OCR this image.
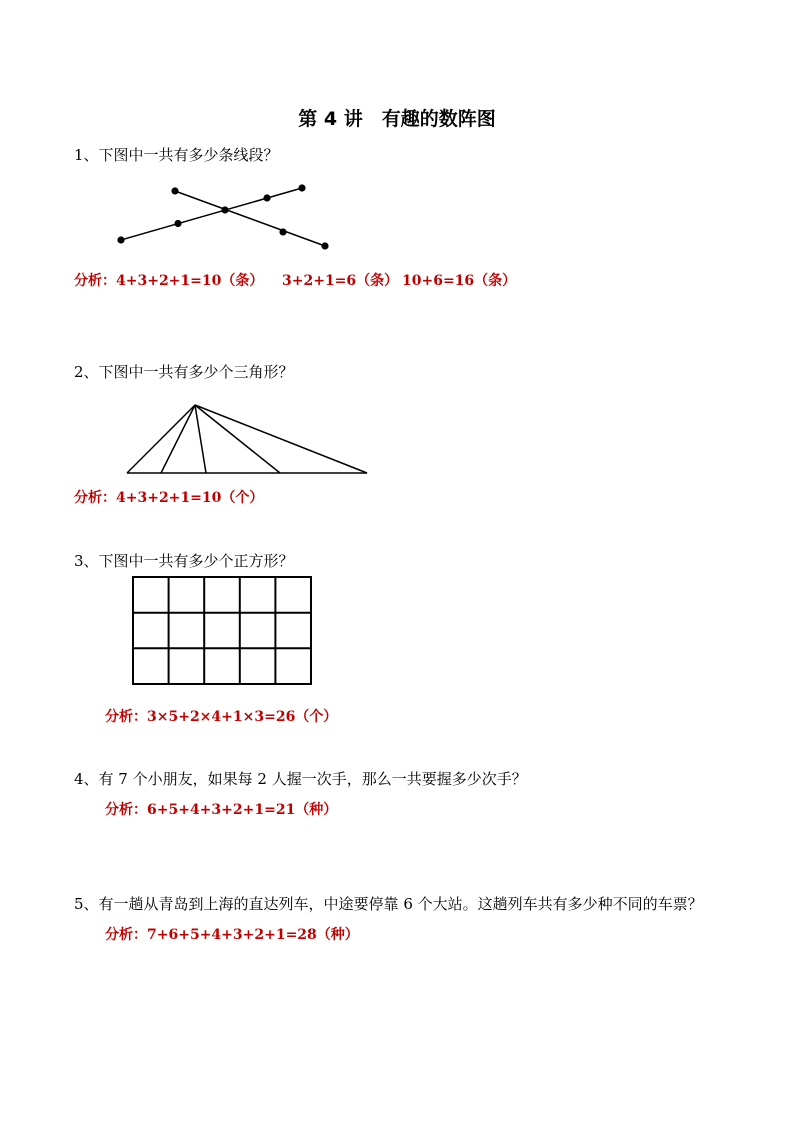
第 4 讲　有趣的数阵图
1、下图中一共有多少条线段？
分析：4+3+2+1=10（条） 3+2+1=6（条） 10+6=16（条）
2、下图中一共有多少个三角形？
分析：4+3+2+1=10（个）
3、下图中一共有多少个正方形？
分析：3×5+2×4+1×3=26（个）
4、有 7 个小朋友，如果每 2 人握一次手，那么一共要握多少次手？
分析：6+5+4+3+2+1=21（种）
5、有一趟从青岛到上海的直达列车，中途要停靠 6 个大站。这趟列车共有多少种不同的车票？
分析：7+6+5+4+3+2+1=28（种）
